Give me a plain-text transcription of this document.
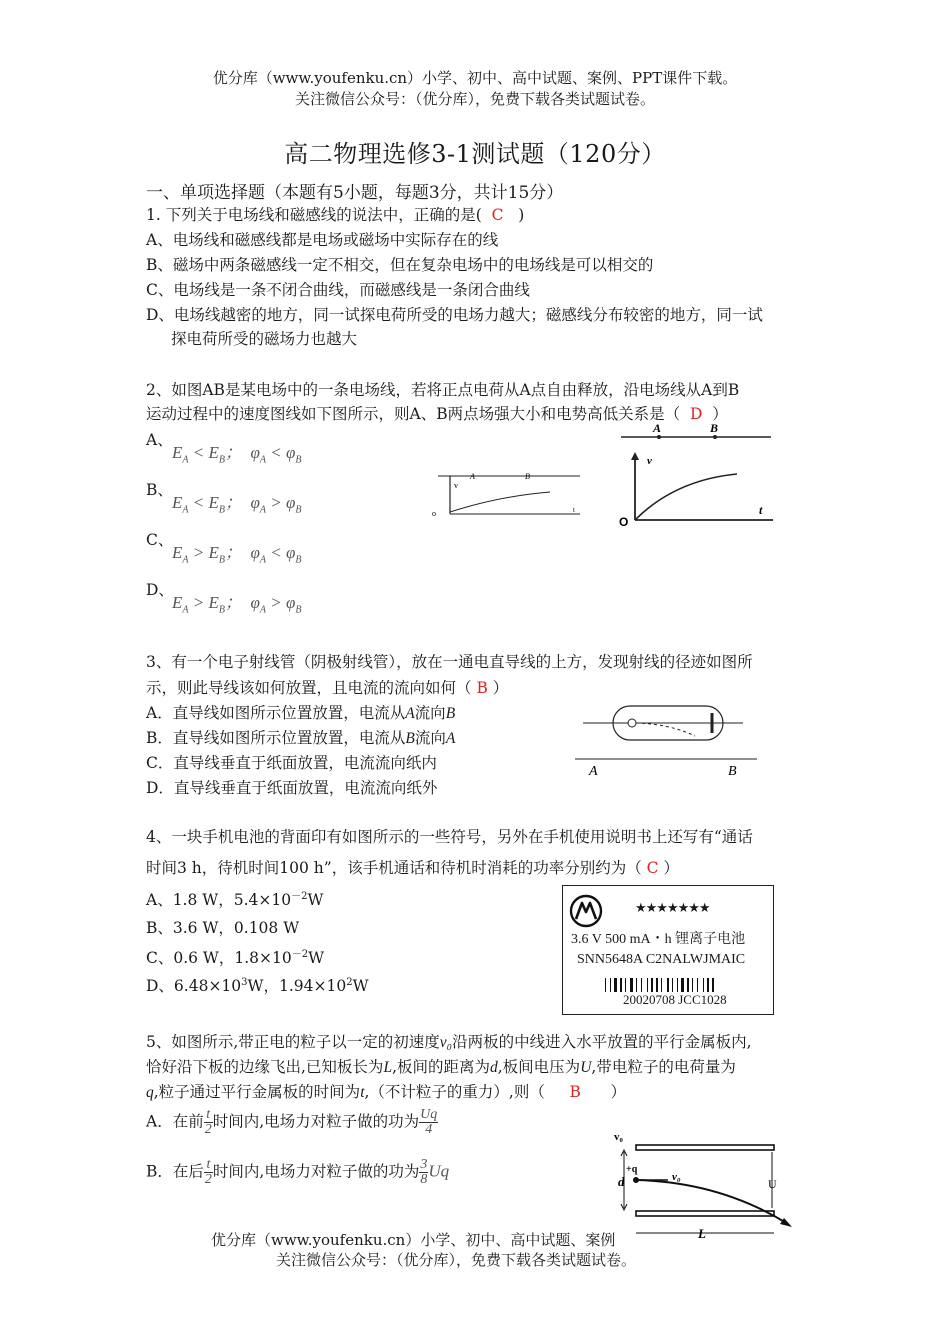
优分库（www.youfenku.cn）小学、初中、高中试题、案例、PPT课件下载。
关注微信公众号：（优分库），免费下载各类试题试卷。
高二物理选修3-1测试题（120分）
一、单项选择题（本题有5小题，每题3分，共计15分）
1. 下列关于电场线和磁感线的说法中，正确的是( C )
A、电场线和磁感线都是电场或磁场中实际存在的线
B、磁场中两条磁感线一定不相交，但在复杂电场中的电场线是可以相交的
C、电场线是一条不闭合曲线，而磁感线是一条闭合曲线
D、电场线越密的地方，同一试探电荷所受的电场力越大；磁感线分布较密的地方，同一试
探电荷所受的磁场力也越大
2、如图AB是某电场中的一条电场线，若将正点电荷从A点自由释放，沿电场线从A到B
运动过程中的速度图线如下图所示，则A、B两点场强大小和电势高低关系是（ D ）
A、
$E_A < E_B$； $\varphi_A < \varphi_B$
B、
$E_A < E_B$； $\varphi_A > \varphi_B$
C、
$E_A > E_B$； $\varphi_A < \varphi_B$
D、
$E_A > E_B$； $\varphi_A > \varphi_B$
A	B
v
o	t
A	B
v
O
t
3、有一个电子射线管（阴极射线管），放在一通电直导线的上方，发现射线的径迹如图所
示，则此导线该如何放置，且电流的流向如何（ B ）
A．直导线如图所示位置放置，电流从A流向B
B．直导线如图所示位置放置，电流从B流向A
C．直导线垂直于纸面放置，电流流向纸内
D．直导线垂直于纸面放置，电流流向纸外
A	B
4、一块手机电池的背面印有如图所示的一些符号，另外在手机使用说明书上还写有“通话
时间3 h，待机时间100 h”，该手机通话和待机时消耗的功率分别约为（ C ）
A、1.8 W，$5.4\times 10^{-2}W$
B、3.6 W，0.108 W
C、0.6 W，$1.8\times 10^{-2}W$
D、$6.48\times 10^3W$，$1.94\times 10^2W$
★★★★★★★
3.6 V 500 mA・h 锂离子电池
SNN5648A C2NALWJMAIC
20020708 JCC1028
5、如图所示,带正电的粒子以一定的初速度v₀沿两板的中线进入水平放置的平行金属板内,
恰好沿下板的边缘飞出,已知板长为L,板间的距离为d,板间电压为U,带电粒子的电荷量为
q,粒子通过平行金属板的时间为t,（不计粒子的重力）,则（ B ）
A．在前 $\frac{t}{2}$ 时间内,电场力对粒子做的功为 $\frac{Uq}{4}$
B．在后 $\frac{t}{2}$ 时间内,电场力对粒子做的功为 $\frac{3}{8}$ Uq
v₀
d
+q
v₀	U
L
优分库（www.youfenku.cn）小学、初中、高中试题、案例
关注微信公众号：（优分库），免费下载各类试题试卷。
